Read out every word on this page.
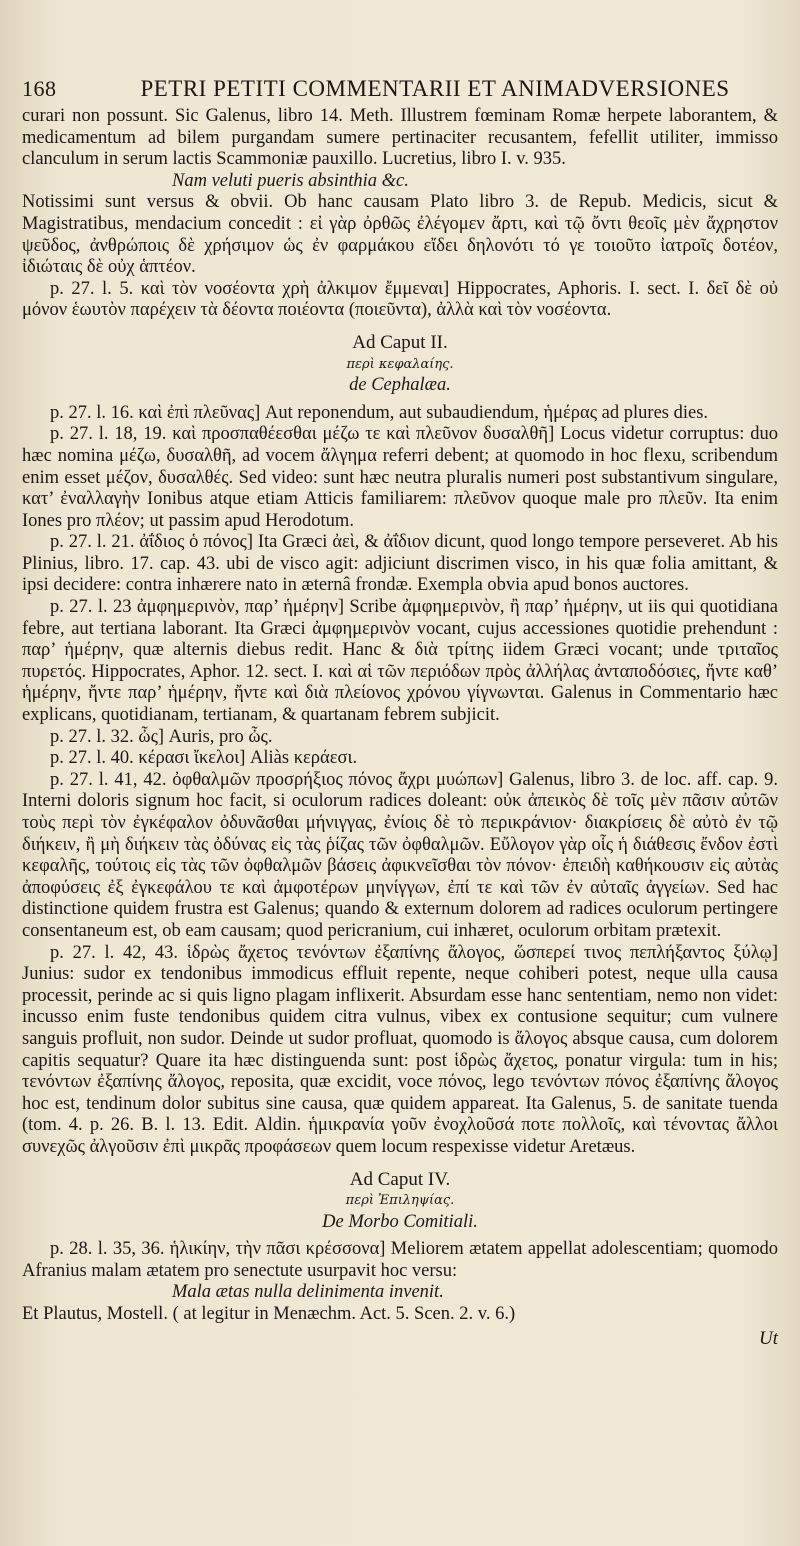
168	PETRI PETITI COMMENTARII ET ANIMADVERSIONES

curari non possunt. Sic Galenus, libro 14. Meth. Illustrem fœminam Romæ herpete laborantem, & medicamentum ad bilem purgandam sumere pertinaciter recusantem, fefellit utiliter, immisso clanculum in serum lactis Scammoniæ pauxillo. Lucretius, libro I. v. 935.

Nam veluti pueris absinthia &c.

Notissimi sunt versus & obvii. Ob hanc causam Plato libro 3. de Repub. Medicis, sicut & Magistratibus, mendacium concedit : εἰ γὰρ ὀρθῶς ἐλέγομεν ἄρτι, καὶ τῷ ὄντι θεοῖς μὲν ἄχρηστον ψεῦδος, ἀνθρώποις δὲ χρήσιμον ὡς ἐν φαρμάκου εἴδει δηλονότι τό γε τοιοῦτο ἰατροῖς δοτέον, ἰδιώταις δὲ οὐχ ἁπτέον.

p. 27. l. 5. καὶ τὸν νοσέοντα χρὴ ἀλκιμον ἔμμεναι] Hippocrates, Aphoris. I. sect. I. δεῖ δὲ οὐ μόνον ἑωυτὸν παρέχειν τὰ δέοντα ποιέοντα (ποιεῦντα), ἀλλὰ καὶ τὸν νοσέοντα.

Ad Caput II.

περὶ κεφαλαίης.

de Cephalæa.

p. 27. l. 16. καὶ ἐπὶ πλεῦνας] Aut reponendum, aut subaudiendum, ἡμέρας ad plures dies.

p. 27. l. 18, 19. καὶ προσπαθέεσθαι μέζω τε καὶ πλεῦνον δυσαλθῆ] Locus videtur corruptus: duo hæc nomina μέζω, δυσαλθῆ, ad vocem ἄλγημα referri debent; at quomodo in hoc flexu, scribendum enim esset μέζον, δυσαλθές. Sed video: sunt hæc neutra pluralis numeri post substantivum singulare, κατ’ ἐναλλαγὴν Ionibus atque etiam Atticis familiarem: πλεῦνον quoque male pro πλεῦν. Ita enim Iones pro πλέον; ut passim apud Herodotum.

p. 27. l. 21. ἀΐδιος ὁ πόνος] Ita Græci ἀεὶ, & ἀΐδιον dicunt, quod longo tempore perseveret. Ab his Plinius, libro. 17. cap. 43. ubi de visco agit: adjiciunt discrimen visco, in his quæ folia amittant, & ipsi decidere: contra inhærere nato in æternâ frondæ. Exempla obvia apud bonos auctores.

p. 27. l. 23 ἀμφημερινὸν, παρ’ ἡμέρην] Scribe ἀμφημερινὸν, ἢ παρ’ ἡμέρην, ut iis qui quotidiana febre, aut tertiana laborant. Ita Græci ἀμφημερινὸν vocant, cujus accessiones quotidie prehendunt : παρ’ ἡμέρην, quæ alternis diebus redit. Hanc & διὰ τρίτης iidem Græci vocant; unde τριταῖος πυρετός. Hippocrates, Aphor. 12. sect. I. καὶ αἱ τῶν περιόδων πρὸς ἀλλήλας ἀνταποδόσιες, ἤντε καθ’ ἡμέρην, ἤντε παρ’ ἡμέρην, ἤντε καὶ διὰ πλείονος χρόνου γίγνωνται. Galenus in Commentario hæc explicans, quotidianam, tertianam, & quartanam febrem subjicit.

p. 27. l. 32. ὦς] Auris, pro ὦς.

p. 27. l. 40. κέρασι ἴκελοι] Aliàs κεράεσι.

p. 27. l. 41, 42. ὀφθαλμῶν προσρήξιος πόνος ἄχρι μυώπων] Galenus, libro 3. de loc. aff. cap. 9. Interni doloris signum hoc facit, si oculorum radices doleant: οὐκ ἀπεικὸς δὲ τοῖς μὲν πᾶσιν αὐτῶν τοὺς περὶ τὸν ἐγκέφαλον ὀδυνᾶσθαι μήνιγγας, ἐνίοις δὲ τὸ περικράνιον· διακρίσεις δὲ αὐτὸ ἐν τῷ διήκειν, ἢ μὴ διήκειν τὰς ὀδύνας εἰς τὰς ῥίζας τῶν ὀφθαλμῶν. Εὔλογον γὰρ οἷς ἡ διάθεσις ἔνδον ἐστὶ κεφαλῆς, τούτοις εἰς τὰς τῶν ὀφθαλμῶν βάσεις ἀφικνεῖσθαι τὸν πόνον· ἐπειδὴ καθήκουσιν εἰς αὐτὰς ἀποφύσεις ἐξ ἐγκεφάλου τε καὶ ἀμφοτέρων μηνίγγων, ἐπί τε καὶ τῶν ἐν αὐταῖς ἀγγείων. Sed hac distinctione quidem frustra est Galenus; quando & externum dolorem ad radices oculorum pertingere consentaneum est, ob eam causam; quod pericranium, cui inhæret, oculorum orbitam prætexit.

p. 27. l. 42, 43. ἱδρὼς ἄχετος τενόντων ἐξαπίνης ἄλογος, ὥσπερεί τινος πεπλήξαντος ξύλῳ] Junius: sudor ex tendonibus immodicus effluit repente, neque cohiberi potest, neque ulla causa processit, perinde ac si quis ligno plagam inflixerit. Absurdam esse hanc sententiam, nemo non videt: incusso enim fuste tendonibus quidem citra vulnus, vibex ex contusione sequitur; cum vulnere sanguis profluit, non sudor. Deinde ut sudor profluat, quomodo is ἄλογος absque causa, cum dolorem capitis sequatur? Quare ita hæc distinguenda sunt: post ἱδρὼς ἄχετος, ponatur virgula: tum in his; τενόντων ἐξαπίνης ἄλογος, reposita, quæ excidit, voce πόνος, lego τενόντων πόνος ἐξαπίνης ἄλογος hoc est, tendinum dolor subitus sine causa, quæ quidem appareat. Ita Galenus, 5. de sanitate tuenda (tom. 4. p. 26. B. l. 13. Edit. Aldin. ἡμικρανία γοῦν ἐνοχλοῦσά ποτε πολλοῖς, καὶ τένοντας ἄλλοι συνεχῶς ἀλγοῦσιν ἐπὶ μικρᾶς προφάσεων quem locum respexisse videtur Aretæus.

Ad Caput IV.

περὶ Ἐπιληψίας.

De Morbo Comitiali.

p. 28. l. 35, 36. ἡλικίην, τὴν πᾶσι κρέσσονα] Meliorem ætatem appellat adolescentiam; quomodo Afranius malam ætatem pro senectute usurpavit hoc versu:

Mala ætas nulla delinimenta invenit.

Et Plautus, Mostell. ( at legitur in Menæchm. Act. 5. Scen. 2. v. 6.)

Ut
